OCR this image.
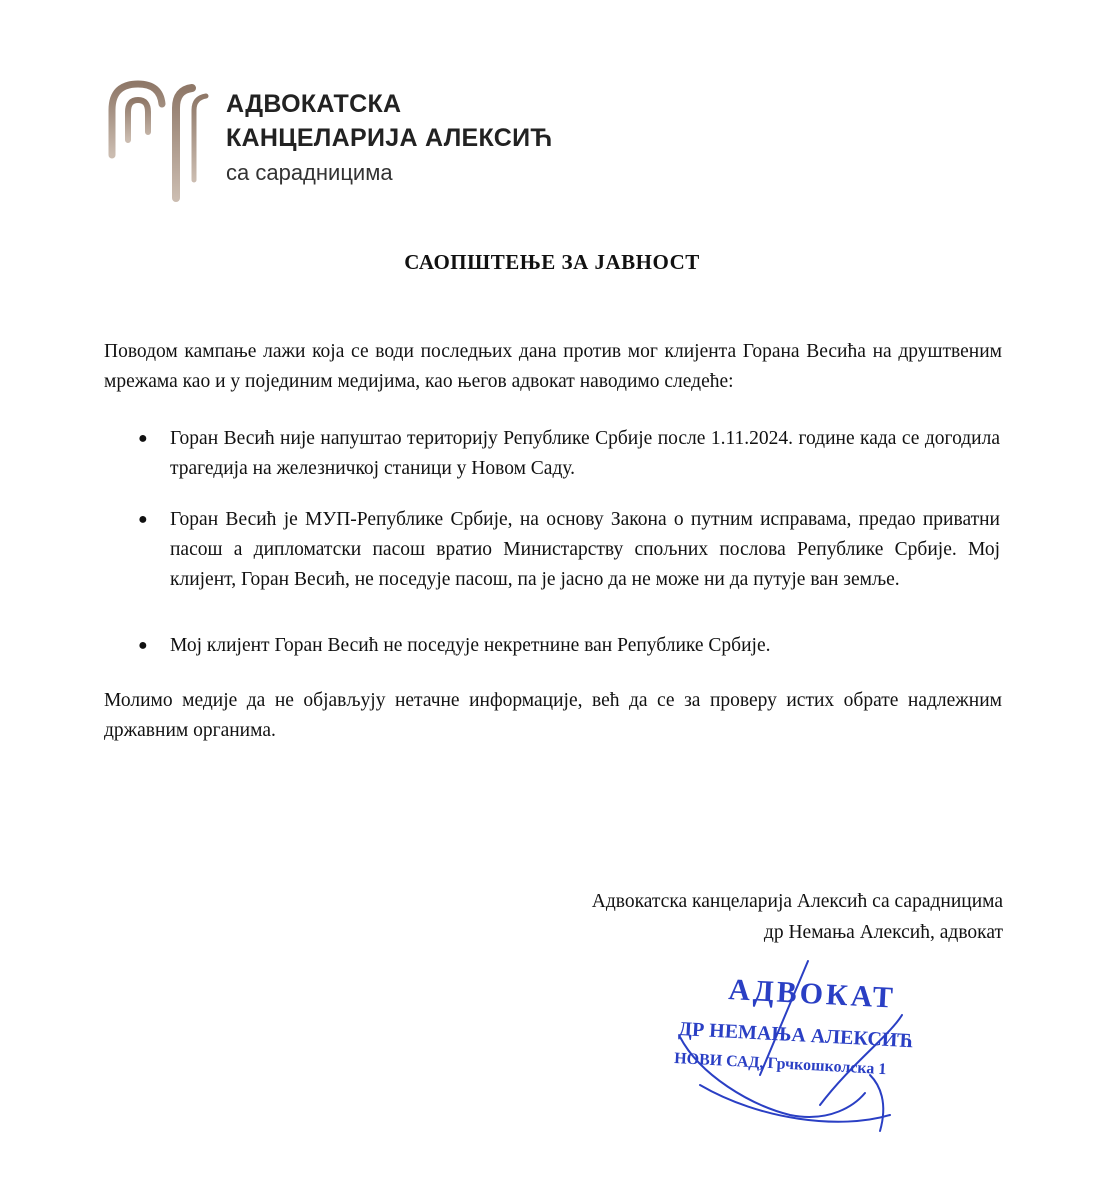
АДВОКАТСКА
КАНЦЕЛАРИЈА АЛЕКСИЋ
са сарадницима
САОПШТЕЊЕ ЗА ЈАВНОСТ
Поводом кампање лажи која се води последњих дана против мог клијента Горана Весића на друштвеним мрежама као и у појединим медијима, као његов адвокат наводимо следеће:
● Горан Весић није напуштао територију Републике Србије после 1.11.2024. године када се догодила трагедија на железничкој станици у Новом Саду.
● Горан Весић је МУП-Републике Србије, на основу Закона о путним исправама, предао приватни пасош а дипломатски пасош вратио Министарству спољних послова Републике Србије. Мој клијент, Горан Весић, не поседује пасош, па је јасно да не може ни да путује ван земље.
● Мој клијент Горан Весић не поседује некретнине ван Републике Србије.
Молимо медије да не објављују нетачне информације, већ да се за проверу истих обрате надлежним државним органима.
Адвокатска канцеларија Алексић са сарадницима
др Немања Алексић, адвокат
АДВОКАТ
ДР НЕМАЊА АЛЕКСИЋ
НОВИ САД, Грчкошколска 1
